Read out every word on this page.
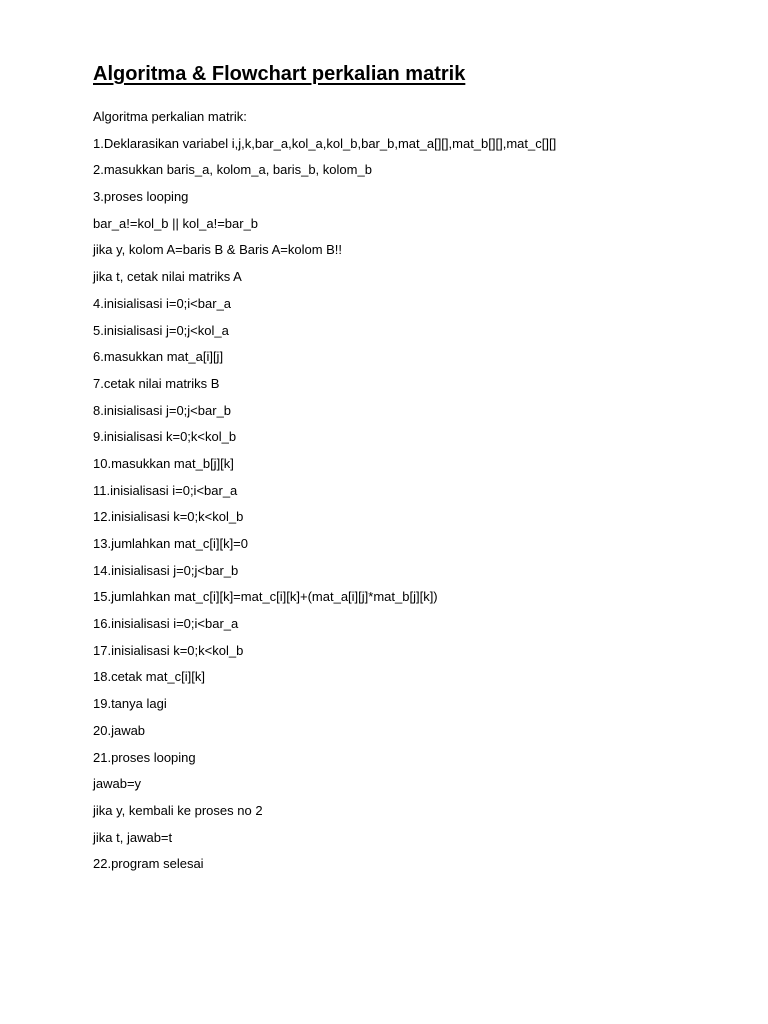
Algoritma & Flowchart perkalian matrik
Algoritma perkalian matrik:
1.Deklarasikan variabel i,j,k,bar_a,kol_a,kol_b,bar_b,mat_a[][],mat_b[][],mat_c[][]
2.masukkan baris_a, kolom_a, baris_b, kolom_b
3.proses looping
bar_a!=kol_b || kol_a!=bar_b
jika y, kolom A=baris B & Baris A=kolom B!!
jika t, cetak nilai matriks A
4.inisialisasi i=0;i<bar_a
5.inisialisasi j=0;j<kol_a
6.masukkan mat_a[i][j]
7.cetak nilai matriks B
8.inisialisasi j=0;j<bar_b
9.inisialisasi k=0;k<kol_b
10.masukkan mat_b[j][k]
11.inisialisasi i=0;i<bar_a
12.inisialisasi k=0;k<kol_b
13.jumlahkan mat_c[i][k]=0
14.inisialisasi j=0;j<bar_b
15.jumlahkan mat_c[i][k]=mat_c[i][k]+(mat_a[i][j]*mat_b[j][k])
16.inisialisasi i=0;i<bar_a
17.inisialisasi k=0;k<kol_b
18.cetak mat_c[i][k]
19.tanya lagi
20.jawab
21.proses looping
jawab=y
jika y, kembali ke proses no 2
jika t, jawab=t
22.program selesai
